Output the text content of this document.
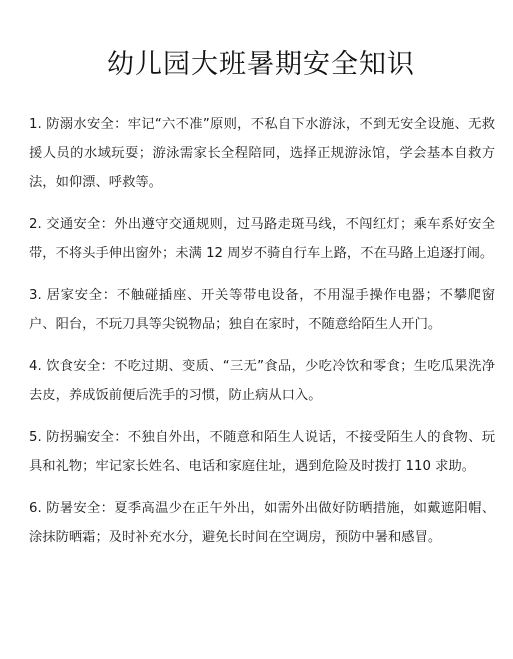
幼儿园大班暑期安全知识

1. 防溺水安全：牢记“六不准”原则，不私自下水游泳，不到无安全设施、无救援人员的水域玩耍；游泳需家长全程陪同，选择正规游泳馆，学会基本自救方法，如仰漂、呼救等。

2. 交通安全：外出遵守交通规则，过马路走斑马线，不闯红灯；乘车系好安全带，不将头手伸出窗外；未满 12 周岁不骑自行车上路，不在马路上追逐打闹。

3. 居家安全：不触碰插座、开关等带电设备，不用湿手操作电器；不攀爬窗户、阳台，不玩刀具等尖锐物品；独自在家时，不随意给陌生人开门。

4. 饮食安全：不吃过期、变质、“三无”食品，少吃冷饮和零食；生吃瓜果洗净去皮，养成饭前便后洗手的习惯，防止病从口入。

5. 防拐骗安全：不独自外出，不随意和陌生人说话，不接受陌生人的食物、玩具和礼物；牢记家长姓名、电话和家庭住址，遇到危险及时拨打 110 求助。

6. 防暑安全：夏季高温少在正午外出，如需外出做好防晒措施，如戴遮阳帽、涂抹防晒霜；及时补充水分，避免长时间在空调房，预防中暑和感冒。
